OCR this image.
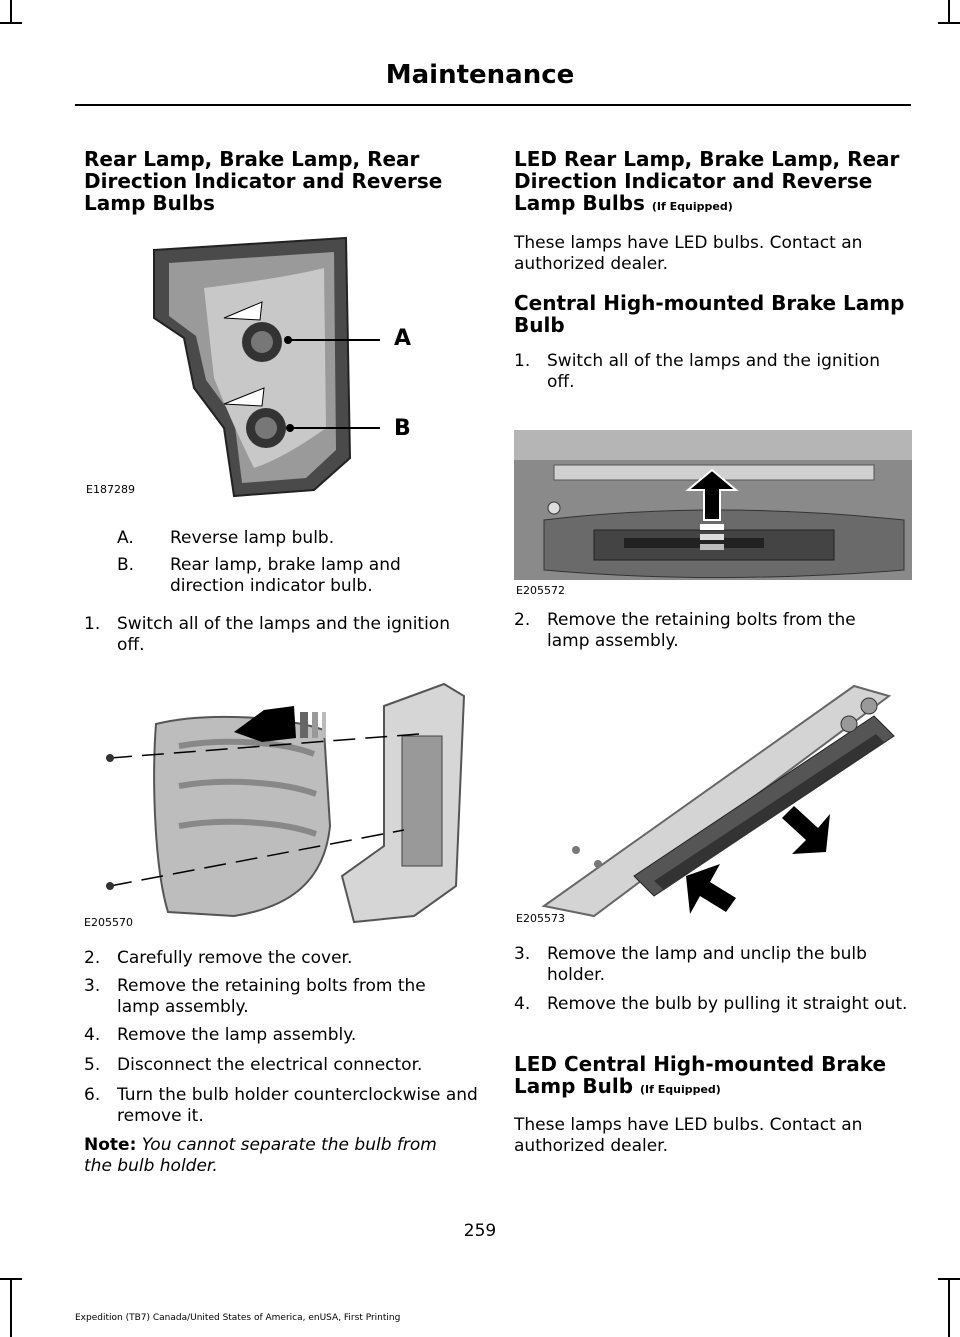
Maintenance
Rear Lamp, Brake Lamp, Rear Direction Indicator and Reverse Lamp Bulbs
A
B
E187289
A. Reverse lamp bulb.
B. Rear lamp, brake lamp and direction indicator bulb.
1. Switch all of the lamps and the ignition off.
E205570
2. Carefully remove the cover.
3. Remove the retaining bolts from the lamp assembly.
4. Remove the lamp assembly.
5. Disconnect the electrical connector.
6. Turn the bulb holder counterclockwise and remove it.

Note: You cannot separate the bulb from the bulb holder.

LED Rear Lamp, Brake Lamp, Rear Direction Indicator and Reverse Lamp Bulbs (If Equipped)

These lamps have LED bulbs. Contact an authorized dealer.

Central High-mounted Brake Lamp Bulb
1. Switch all of the lamps and the ignition off.
E205572
2. Remove the retaining bolts from the lamp assembly.
E205573
3. Remove the lamp and unclip the bulb holder.
4. Remove the bulb by pulling it straight out.
LED Central High-mounted Brake Lamp Bulb (If Equipped)

These lamps have LED bulbs. Contact an authorized dealer.

259
Expedition (TB7) Canada/United States of America, enUSA, First Printing
